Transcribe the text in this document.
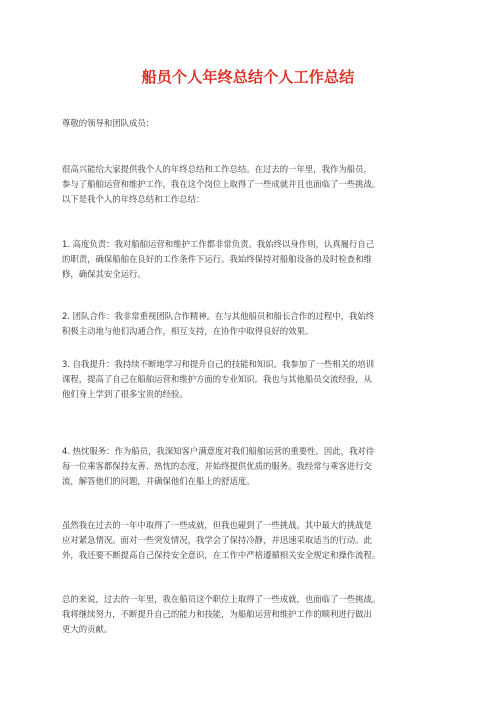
船员个人年终总结个人工作总结
尊敬的领导和团队成员：
很高兴能给大家提供我个人的年终总结和工作总结。在过去的一年里，我作为船员，
参与了船舶运营和维护工作，我在这个岗位上取得了一些成就并且也面临了一些挑战。
以下是我个人的年终总结和工作总结：
1. 高度负责：我对船舶运营和维护工作都非常负责。我始终以身作则，认真履行自己
的职责，确保船舶在良好的工作条件下运行。我始终保持对船舶设备的及时检查和维
修，确保其安全运行。
2. 团队合作：我非常重视团队合作精神。在与其他船员和船长合作的过程中，我始终
积极主动地与他们沟通合作，相互支持，在协作中取得良好的效果。
3. 自我提升：我持续不断地学习和提升自己的技能和知识。我参加了一些相关的培训
课程，提高了自己在船舶运营和维护方面的专业知识。我也与其他船员交流经验，从
他们身上学到了很多宝贵的经验。
4. 热忱服务：作为船员，我深知客户满意度对我们船舶运营的重要性。因此，我对待
每一位乘客都保持友善、热忱的态度，并始终提供优质的服务。我经常与乘客进行交
流，解答他们的问题，并确保他们在船上的舒适度。
虽然我在过去的一年中取得了一些成就，但我也碰到了一些挑战。其中最大的挑战是
应对紧急情况。面对一些突发情况，我学会了保持冷静，并迅速采取适当的行动。此
外，我还要不断提高自己保持安全意识，在工作中严格遵循相关安全规定和操作流程。
总的来说，过去的一年里，我在船员这个职位上取得了一些成就，也面临了一些挑战。
我将继续努力，不断提升自己的能力和技能，为船舶运营和维护工作的顺利进行做出
更大的贡献。
